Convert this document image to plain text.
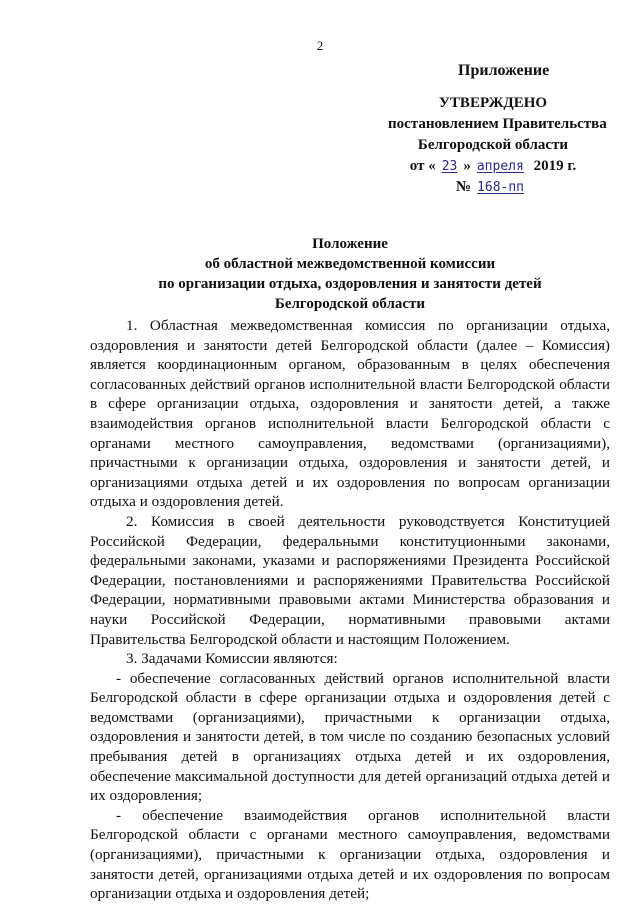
2
Приложение
УТВЕРЖДЕНО
постановлением Правительства
Белгородской области
от « 23 » апреля 2019 г.
№ 168-пп
Положение
об областной межведомственной комиссии
по организации отдыха, оздоровления и занятости детей
Белгородской области

1. Областная межведомственная комиссия по организации отдыха, оздоровления и занятости детей Белгородской области (далее – Комиссия) является координационным органом, образованным в целях обеспечения согласованных действий органов исполнительной власти Белгородской области в сфере организации отдыха, оздоровления и занятости детей, а также взаимодействия органов исполнительной власти Белгородской области с органами местного самоуправления, ведомствами (организациями), причастными к организации отдыха, оздоровления и занятости детей, и организациями отдыха детей и их оздоровления по вопросам организации отдыха и оздоровления детей.

2. Комиссия в своей деятельности руководствуется Конституцией Российской Федерации, федеральными конституционными законами, федеральными законами, указами и распоряжениями Президента Российской Федерации, постановлениями и распоряжениями Правительства Российской Федерации, нормативными правовыми актами Министерства образования и науки Российской Федерации, нормативными правовыми актами Правительства Белгородской области и настоящим Положением.

3. Задачами Комиссии являются:

- обеспечение согласованных действий органов исполнительной власти Белгородской области в сфере организации отдыха и оздоровления детей с ведомствами (организациями), причастными к организации отдыха, оздоровления и занятости детей, в том числе по созданию безопасных условий пребывания детей в организациях отдыха детей и их оздоровления, обеспечение максимальной доступности для детей организаций отдыха детей и их оздоровления;

- обеспечение взаимодействия органов исполнительной власти Белгородской области с органами местного самоуправления, ведомствами (организациями), причастными к организации отдыха, оздоровления и занятости детей, организациями отдыха детей и их оздоровления по вопросам организации отдыха и оздоровления детей;
